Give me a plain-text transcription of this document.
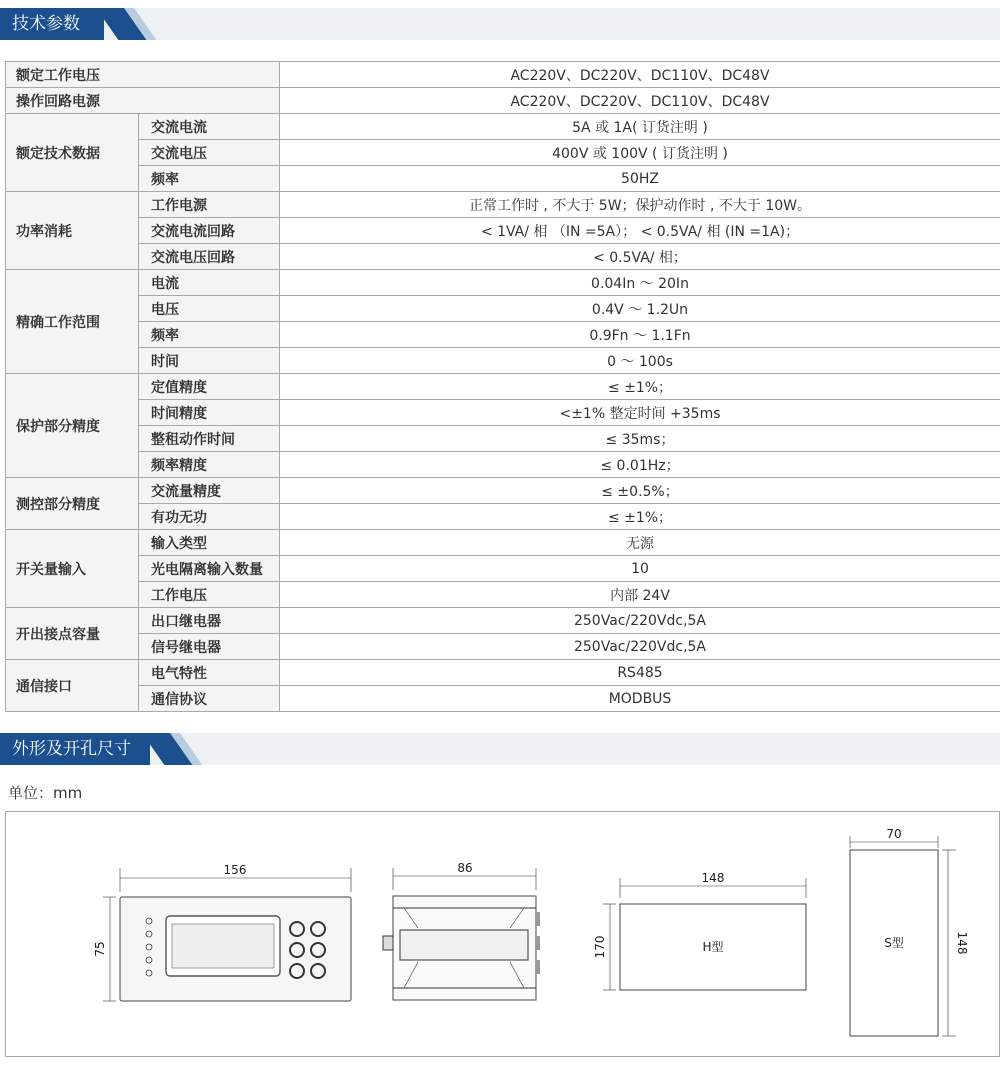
技术参数
额定工作电压		AC220V、DC220V、DC110V、DC48V
操作回路电源		AC220V、DC220V、DC110V、DC48V
额定技术数据	交流电流	5A 或 1A( 订货注明 )
	交流电压	400V 或 100V ( 订货注明 )
	频率	50HZ
功率消耗	工作电源	正常工作时 , 不大于 5W；保护动作时 , 不大于 10W。
	交流电流回路	< 1VA/ 相 （IN =5A）； < 0.5VA/ 相 (IN =1A)；
	交流电压回路	< 0.5VA/ 相；
精确工作范围	电流	0.04In ～ 20In
	电压	0.4V ～ 1.2Un
	频率	0.9Fn ～ 1.1Fn
	时间	0 ～ 100s
保护部分精度	定值精度	≤ ±1%；
	时间精度	<±1% 整定时间 +35ms
	整租动作时间	≤ 35ms；
	频率精度	≤ 0.01Hz；
测控部分精度	交流量精度	≤ ±0.5%；
	有功无功	≤ ±1%；
开关量输入	输入类型	无源
	光电隔离输入数量	10
	工作电压	内部 24V
开出接点容量	出口继电器	250Vac/220Vdc,5A
	信号继电器	250Vac/220Vdc,5A
通信接口	电气特性	RS485
	通信协议	MODBUS
外形及开孔尺寸
单位：mm
156
75
86
148
170	H型
70
148
S型
